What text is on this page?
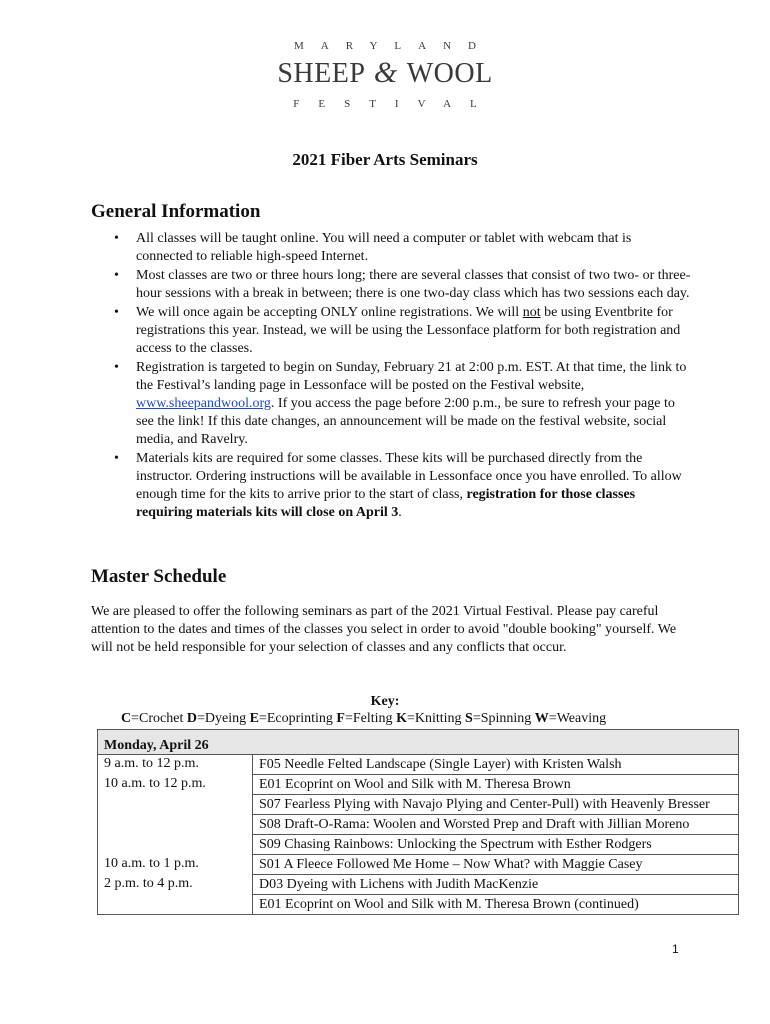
MARYLAND
SHEEP & WOOL
FESTIVAL
2021 Fiber Arts Seminars
General Information
• All classes will be taught online. You will need a computer or tablet with webcam that is connected to reliable high-speed Internet.
• Most classes are two or three hours long; there are several classes that consist of two two- or three-hour sessions with a break in between; there is one two-day class which has two sessions each day.
• We will once again be accepting ONLY online registrations. We will not be using Eventbrite for registrations this year. Instead, we will be using the Lessonface platform for both registration and access to the classes.
• Registration is targeted to begin on Sunday, February 21 at 2:00 p.m. EST. At that time, the link to the Festival’s landing page in Lessonface will be posted on the Festival website, www.sheepandwool.org. If you access the page before 2:00 p.m., be sure to refresh your page to see the link! If this date changes, an announcement will be made on the festival website, social media, and Ravelry.
• Materials kits are required for some classes. These kits will be purchased directly from the instructor. Ordering instructions will be available in Lessonface once you have enrolled. To allow enough time for the kits to arrive prior to the start of class, registration for those classes requiring materials kits will close on April 3.
Master Schedule

We are pleased to offer the following seminars as part of the 2021 Virtual Festival. Please pay careful attention to the dates and times of the classes you select in order to avoid "double booking" yourself. We will not be held responsible for your selection of classes and any conflicts that occur.

Key:
C=Crochet D=Dyeing E=Ecoprinting F=Felting K=Knitting S=Spinning W=Weaving
Monday, April 26	
9 a.m. to 12 p.m.	F05 Needle Felted Landscape (Single Layer) with Kristen Walsh
10 a.m. to 12 p.m.	E01 Ecoprint on Wool and Silk with M. Theresa Brown
	S07 Fearless Plying with Navajo Plying and Center-Pull) with Heavenly Bresser
	S08 Draft-O-Rama: Woolen and Worsted Prep and Draft with Jillian Moreno
	S09 Chasing Rainbows: Unlocking the Spectrum with Esther Rodgers
10 a.m. to 1 p.m.	S01 A Fleece Followed Me Home – Now What? with Maggie Casey
2 p.m. to 4 p.m.	D03 Dyeing with Lichens with Judith MacKenzie
	E01 Ecoprint on Wool and Silk with M. Theresa Brown (continued)
1
